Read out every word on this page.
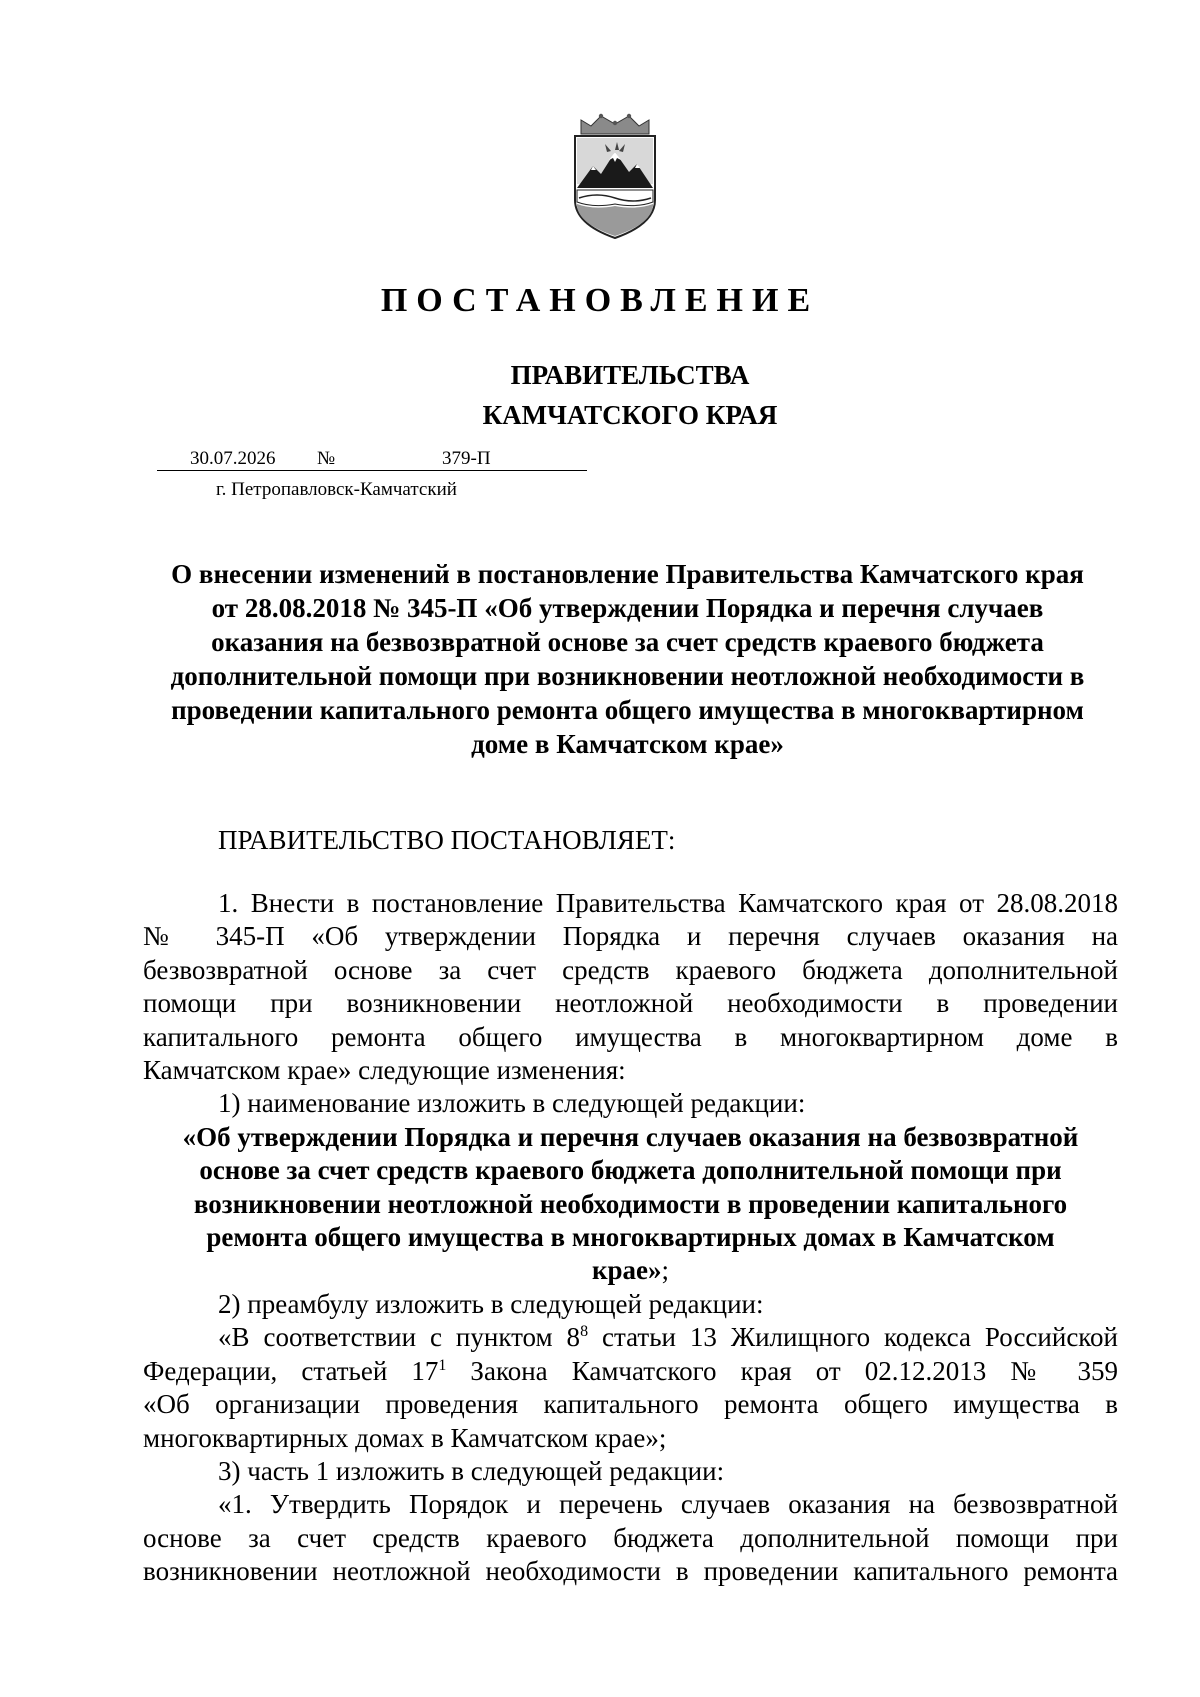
ПОСТАНОВЛЕНИЕ
ПРАВИТЕЛЬСТВА
КАМЧАТСКОГО КРАЯ
30.07.2026 №	379-П
г. Петропавловск-Камчатский
О внесении изменений в постановление Правительства Камчатского края
от 28.08.2018 № 345-П «Об утверждении Порядка и перечня случаев
оказания на безвозвратной основе за счет средств краевого бюджета
дополнительной помощи при возникновении неотложной необходимости в
проведении капитального ремонта общего имущества в многоквартирном
доме в Камчатском крае»
ПРАВИТЕЛЬСТВО ПОСТАНОВЛЯЕТ:
1. Внести в постановление Правительства Камчатского края от 28.08.2018
№ 345-П «Об утверждении Порядка и перечня случаев оказания на
безвозвратной основе за счет средств краевого бюджета дополнительной
помощи при возникновении неотложной необходимости в проведении
капитального ремонта общего имущества в многоквартирном доме в
Камчатском крае» следующие изменения:
1) наименование изложить в следующей редакции:
«Об утверждении Порядка и перечня случаев оказания на безвозвратной
основе за счет средств краевого бюджета дополнительной помощи при
возникновении неотложной необходимости в проведении капитального
ремонта общего имущества в многоквартирных домах в Камчатском
крае»;
2) преамбулу изложить в следующей редакции:
«В соответствии с пунктом $8^8$ статьи 13 Жилищного кодекса Российской
Федерации, статьей $17^1$ Закона Камчатского края от 02.12.2013 № 359
«Об организации проведения капитального ремонта общего имущества в
многоквартирных домах в Камчатском крае»;
3) часть 1 изложить в следующей редакции:
«1. Утвердить Порядок и перечень случаев оказания на безвозвратной
основе за счет средств краевого бюджета дополнительной помощи при
возникновении неотложной необходимости в проведении капитального ремонта
